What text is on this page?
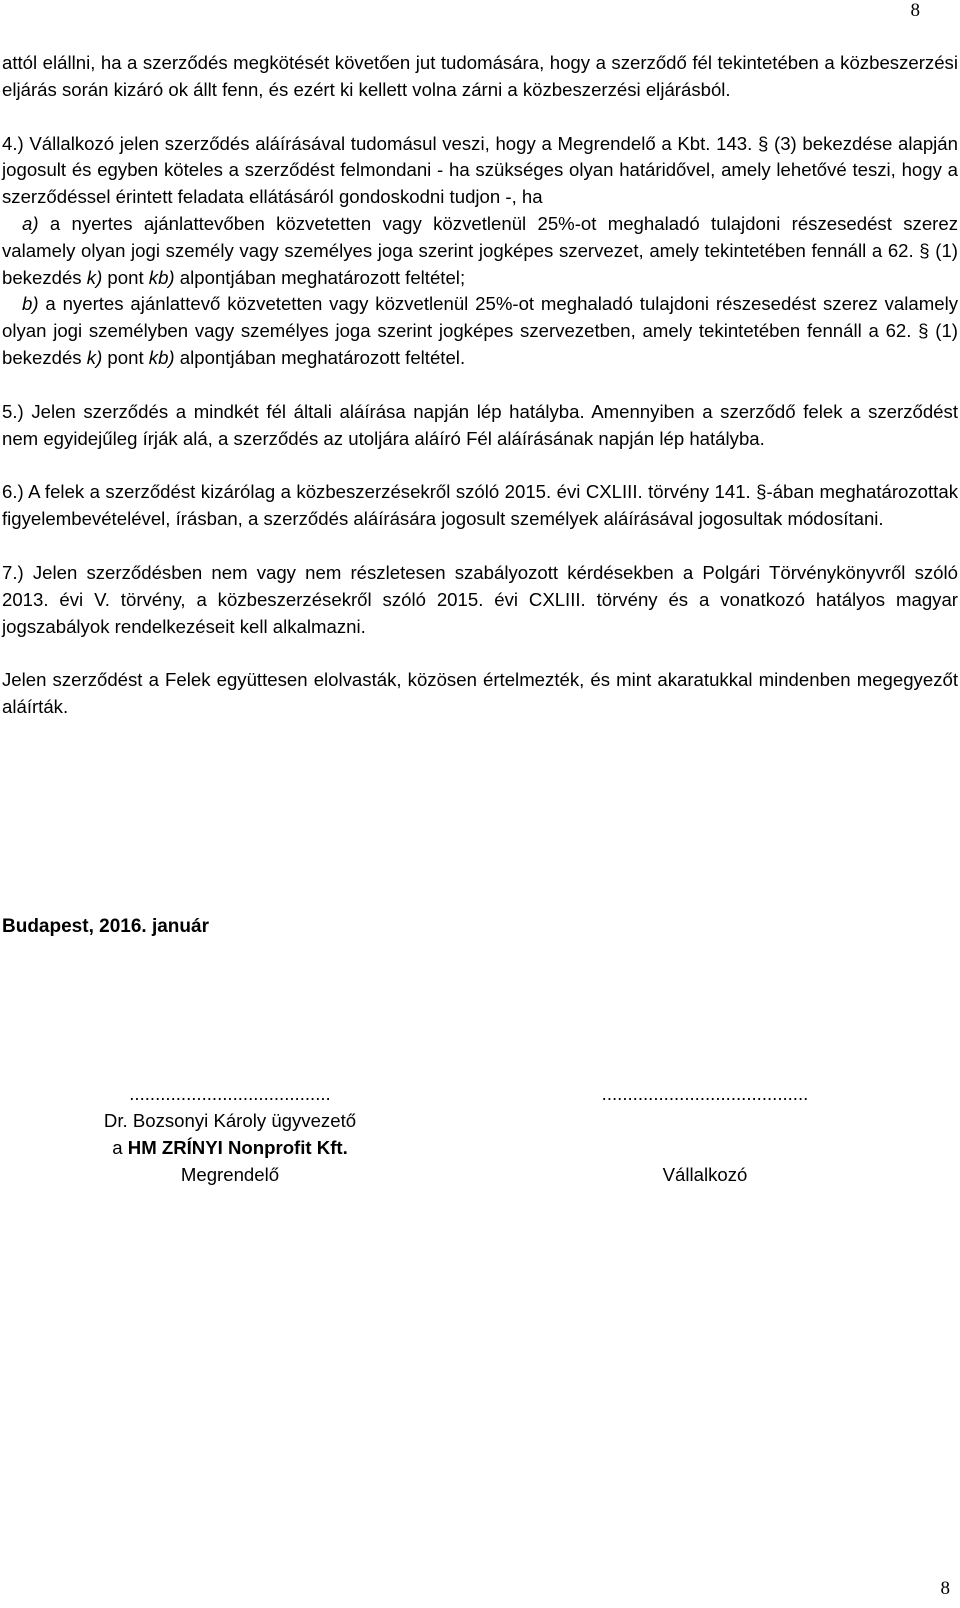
8

attól elállni, ha a szerződés megkötését követően jut tudomására, hogy a szerződő fél tekintetében a közbeszerzési eljárás során kizáró ok állt fenn, és ezért ki kellett volna zárni a közbeszerzési eljárásból.

4.) Vállalkozó jelen szerződés aláírásával tudomásul veszi, hogy a Megrendelő a Kbt. 143. § (3) bekezdése alapján jogosult és egyben köteles a szerződést felmondani - ha szükséges olyan határidővel, amely lehetővé teszi, hogy a szerződéssel érintett feladata ellátásáról gondoskodni tudjon -, ha

a) a nyertes ajánlattevőben közvetetten vagy közvetlenül 25%-ot meghaladó tulajdoni részesedést szerez valamely olyan jogi személy vagy személyes joga szerint jogképes szervezet, amely tekintetében fennáll a 62. § (1) bekezdés k) pont kb) alpontjában meghatározott feltétel;

b) a nyertes ajánlattevő közvetetten vagy közvetlenül 25%-ot meghaladó tulajdoni részesedést szerez valamely olyan jogi személyben vagy személyes joga szerint jogképes szervezetben, amely tekintetében fennáll a 62. § (1) bekezdés k) pont kb) alpontjában meghatározott feltétel.

5.) Jelen szerződés a mindkét fél általi aláírása napján lép hatályba. Amennyiben a szerződő felek a szerződést nem egyidejűleg írják alá, a szerződés az utoljára aláíró Fél aláírásának napján lép hatályba.

6.) A felek a szerződést kizárólag a közbeszerzésekről szóló 2015. évi CXLIII. törvény 141. §-ában meghatározottak figyelembevételével, írásban, a szerződés aláírására jogosult személyek aláírásával jogosultak módosítani.

7.) Jelen szerződésben nem vagy nem részletesen szabályozott kérdésekben a Polgári Törvénykönyvről szóló 2013. évi V. törvény, a közbeszerzésekről szóló 2015. évi CXLIII. törvény és a vonatkozó hatályos magyar jogszabályok rendelkezéseit kell alkalmazni.

Jelen szerződést a Felek együttesen elolvasták, közösen értelmezték, és mint akaratukkal mindenben megegyezőt aláírták.

Budapest, 2016. január
.......................................
Dr. Bozsonyi Károly ügyvezető
a HM ZRÍNYI Nonprofit Kft.
Megrendelő
........................................
Vállalkozó
8
